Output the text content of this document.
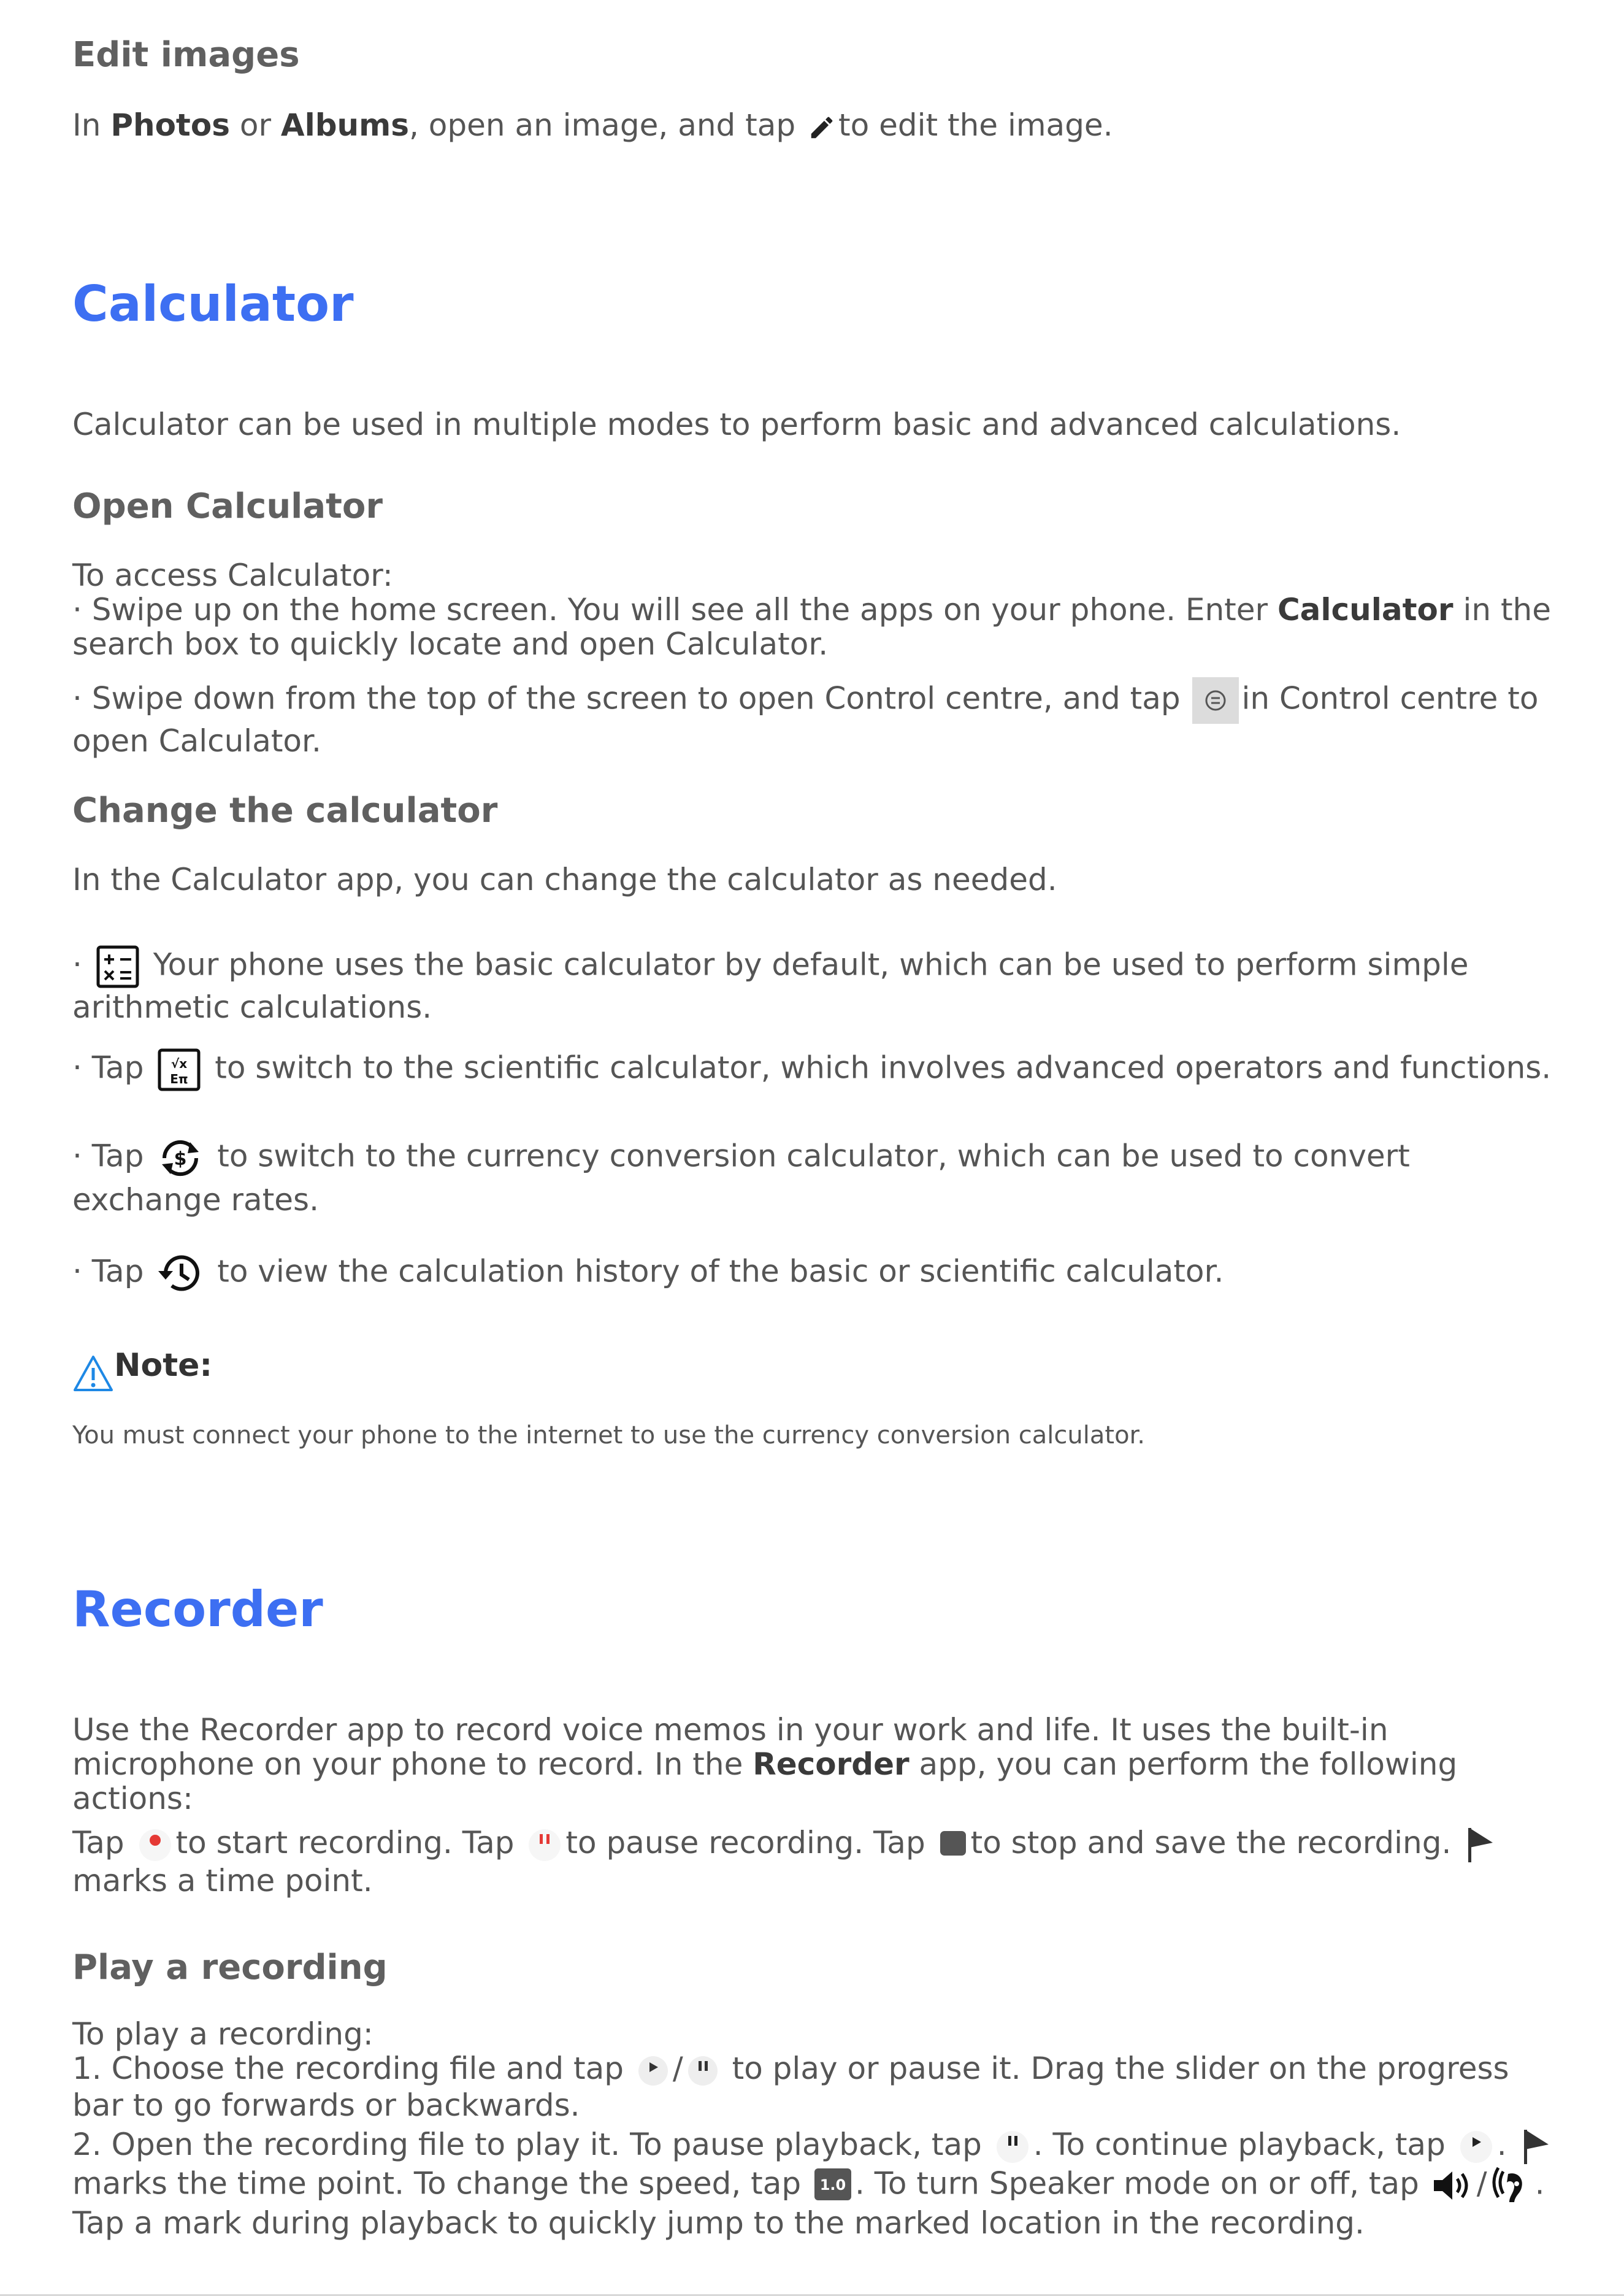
Edit images

In Photos or Albums, open an image, and tap
to edit the image.

Calculator

Calculator can be used in multiple modes to perform basic and advanced calculations.

Open Calculator

To access Calculator:

· Swipe up on the home screen. You will see all the apps on your phone. Enter Calculator in the search box to quickly locate and open Calculator.

· Swipe down from the top of the screen to open Control centre, and tap
in Control centre to open Calculator.

Change the calculator

In the Calculator app, you can change the calculator as needed.

·
Your phone uses the basic calculator by default, which can be used to perform simple arithmetic calculations.

· Tap √x
Eπ to switch to the scientific calculator, which involves advanced operators and functions.

· Tap $ to switch to the currency conversion calculator, which can be used to convert exchange rates.

· Tap
to view the calculation history of the basic or scientific calculator.

Note:

You must connect your phone to the internet to use the currency conversion calculator.

Recorder

Use the Recorder app to record voice memos in your work and life. It uses the built-in microphone on your phone to record. In the Recorder app, you can perform the following actions:

Tap
to start recording. Tap
to pause recording. Tap
to stop and save the recording.
marks a time point.

Play a recording

To play a recording:

1. Choose the recording file and tap
/
to play or pause it. Drag the slider on the progress bar to go forwards or backwards.

2. Open the recording file to play it. To pause playback, tap
. To continue playback, tap
.
marks the time point. To change the speed, tap 1.0 . To turn Speaker mode on or off, tap
/ . Tap a mark during playback to quickly jump to the marked location in the recording.
